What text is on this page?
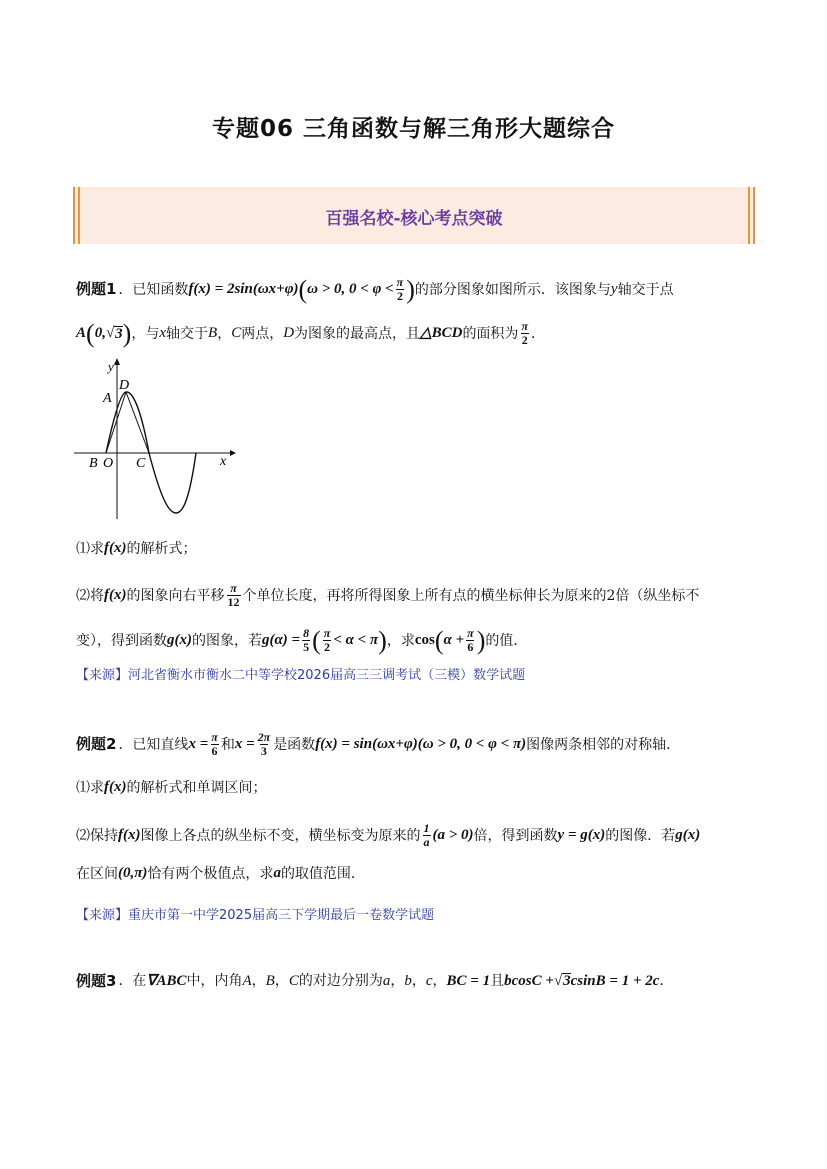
专题06 三角函数与解三角形大题综合
百强名校-核心考点突破
例题1 ．已知函数 f(x) = 2sin(ωx+φ) ( ω > 0, $0 < \varphi < \frac{\pi}{2}$ ) 的部分图象如图所示．该图象与 y 轴交于点
A ( 0, √ 3 ) ，与 x 轴交于 B ， C 两点， D 为图象的最高点，且 △BCD 的面积为 $\frac{\pi}{2}$ ．
y
x
D
A
B O C
⑴求 f(x) 的解析式；
⑵将 f(x) 的图象向右平移 $\frac{\pi}{12}$ 个单位长度，再将所得图象上所有点的横坐标伸长为原来的2倍（纵坐标不
变），得到函数 g(x) 的图象，若 $g(\alpha) = \frac{8}{5}$ ( $\frac{\pi}{2} < \alpha < \pi$ ) ，求 cos ( $\alpha + \frac{\pi}{6}$ ) 的值．
【来源】河北省衡水市衡水二中等学校2026届高三三调考试（三模）数学试题
例题2 ．已知直线 $x = \frac{\pi}{6}$ 和 $x = \frac{2\pi}{3}$ 是函数 f(x) = sin(ωx+φ)(ω > 0, 0 < φ < π) 图像两条相邻的对称轴．
⑴求 f(x) 的解析式和单调区间；
⑵保持 f(x) 图像上各点的纵坐标不变，横坐标变为原来的 $\frac{1}{a} (a > 0)$ 倍，得到函数 y = g(x) 的图像．若 g(x)
在区间 (0,π) 恰有两个极值点，求 a 的取值范围．
【来源】重庆市第一中学2025届高三下学期最后一卷数学试题
例题3 ．在 ∇ABC 中，内角 A ， B ， C 的对边分别为 a ， b ， c ， BC = 1 且 bcosC + √ 3 csinB = 1 + 2c ．
